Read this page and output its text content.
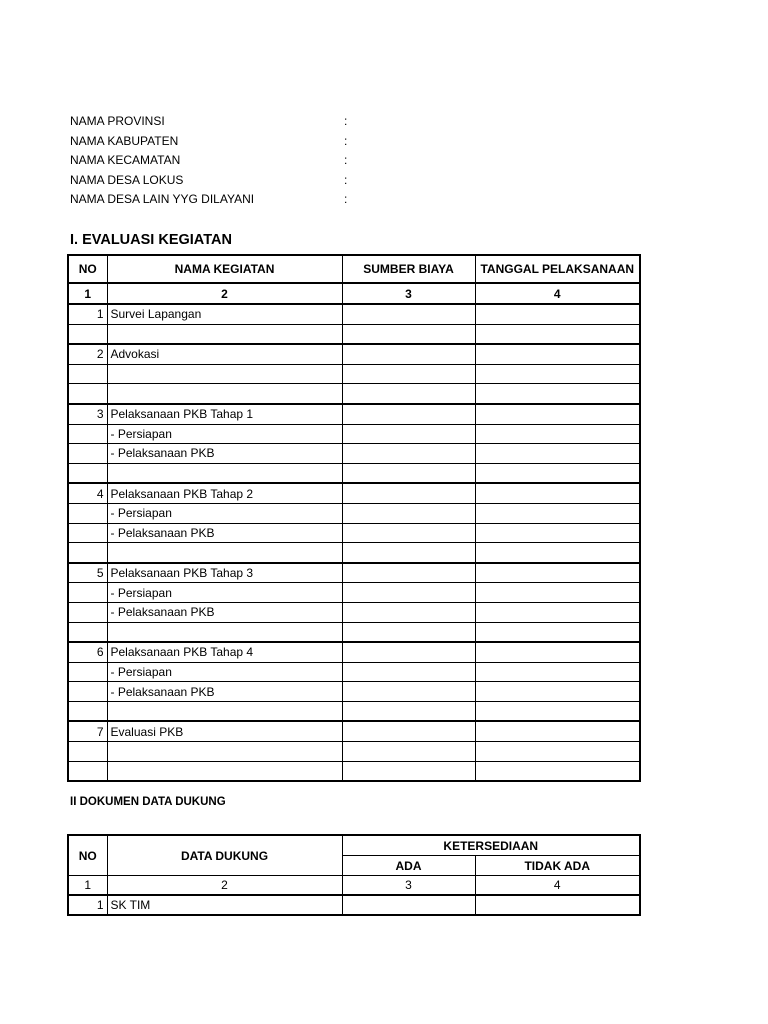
NAMA PROVINSI	:
NAMA KABUPATEN	:
NAMA KECAMATAN	:
NAMA DESA LOKUS	:
NAMA DESA LAIN YYG DILAYANI	:
I. EVALUASI KEGIATAN
NO	NAMA KEGIATAN	SUMBER BIAYA	TANGGAL PELAKSANAAN
1	2	3	4
1	Survei Lapangan		

2	Advokasi		

3	Pelaksanaan PKB Tahap 1		
	- Persiapan		
	- Pelaksanaan PKB		

4	Pelaksanaan PKB Tahap 2		
	- Persiapan		
	- Pelaksanaan PKB		

5	Pelaksanaan PKB Tahap 3		
	- Persiapan		
	- Pelaksanaan PKB		

6	Pelaksanaan PKB Tahap 4		
	- Persiapan		
	- Pelaksanaan PKB		

7	Evaluasi PKB		

II DOKUMEN DATA DUKUNG
NO	DATA DUKUNG	KETERSEDIAAN	
		ADA	TIDAK ADA
1	2	3	4
1	SK TIM		
